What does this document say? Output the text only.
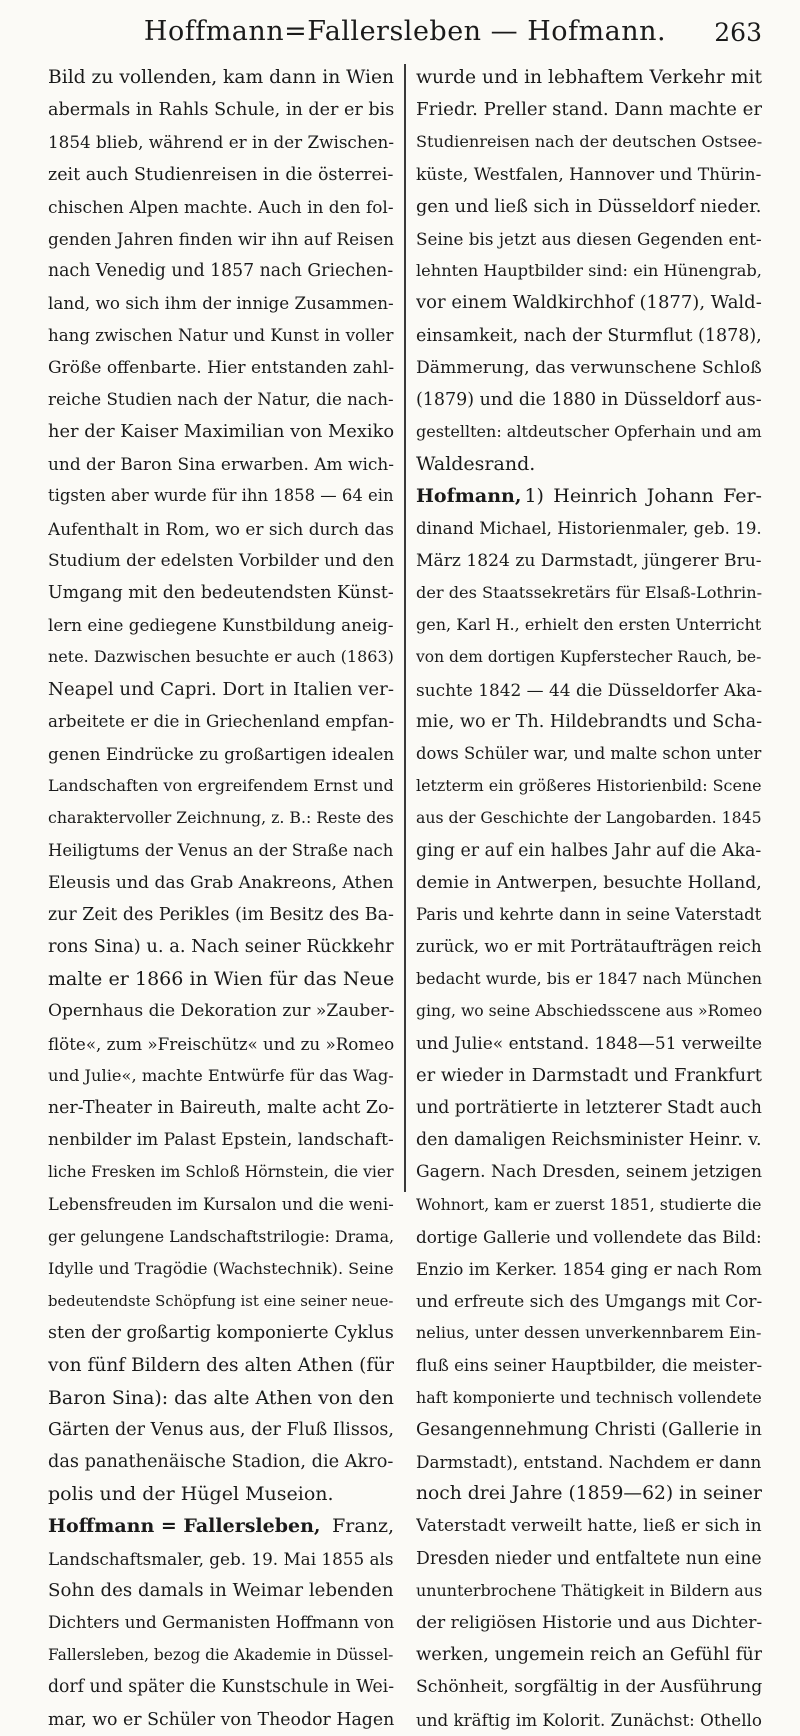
Hoffmann=Fallersleben — Hofmann.	263
Bild zu vollenden, kam dann in Wien
abermals in Rahls Schule, in der er bis
1854 blieb, während er in der Zwischen-
zeit auch Studienreisen in die österrei-
chischen Alpen machte. Auch in den fol-
genden Jahren finden wir ihn auf Reisen
nach Venedig und 1857 nach Griechen-
land, wo sich ihm der innige Zusammen-
hang zwischen Natur und Kunst in voller
Größe offenbarte. Hier entstanden zahl-
reiche Studien nach der Natur, die nach-
her der Kaiser Maximilian von Mexiko
und der Baron Sina erwarben. Am wich-
tigsten aber wurde für ihn 1858 — 64 ein
Aufenthalt in Rom, wo er sich durch das
Studium der edelsten Vorbilder und den
Umgang mit den bedeutendsten Künst-
lern eine gediegene Kunstbildung aneig-
nete. Dazwischen besuchte er auch (1863)
Neapel und Capri. Dort in Italien ver-
arbeitete er die in Griechenland empfan-
genen Eindrücke zu großartigen idealen
Landschaften von ergreifendem Ernst und
charaktervoller Zeichnung, z. B.: Reste des
Heiligtums der Venus an der Straße nach
Eleusis und das Grab Anakreons, Athen
zur Zeit des Perikles (im Besitz des Ba-
rons Sina) u. a. Nach seiner Rückkehr
malte er 1866 in Wien für das Neue
Opernhaus die Dekoration zur »Zauber-
flöte«, zum »Freischütz« und zu »Romeo
und Julie«, machte Entwürfe für das Wag-
ner-Theater in Baireuth, malte acht Zo-
nenbilder im Palast Epstein, landschaft-
liche Fresken im Schloß Hörnstein, die vier
Lebensfreuden im Kursalon und die weni-
ger gelungene Landschaftstrilogie: Drama,
Idylle und Tragödie (Wachstechnik). Seine
bedeutendste Schöpfung ist eine seiner neue-
sten der großartig komponierte Cyklus
von fünf Bildern des alten Athen (für
Baron Sina): das alte Athen von den
Gärten der Venus aus, der Fluß Ilissos,
das panathenäische Stadion, die Akro-
polis und der Hügel Museion.
Hoffmann = Fallersleben, Franz,
Landschaftsmaler, geb. 19. Mai 1855 als
Sohn des damals in Weimar lebenden
Dichters und Germanisten Hoffmann von
Fallersleben, bezog die Akademie in Düssel-
dorf und später die Kunstschule in Wei-
mar, wo er Schüler von Theodor Hagen
wurde und in lebhaftem Verkehr mit
Friedr. Preller stand. Dann machte er
Studienreisen nach der deutschen Ostsee-
küste, Westfalen, Hannover und Thürin-
gen und ließ sich in Düsseldorf nieder.
Seine bis jetzt aus diesen Gegenden ent-
lehnten Hauptbilder sind: ein Hünengrab,
vor einem Waldkirchhof (1877), Wald-
einsamkeit, nach der Sturmflut (1878),
Dämmerung, das verwunschene Schloß
(1879) und die 1880 in Düsseldorf aus-
gestellten: altdeutscher Opferhain und am
Waldesrand.
Hofmann, 1) Heinrich Johann Fer-
dinand Michael, Historienmaler, geb. 19.
März 1824 zu Darmstadt, jüngerer Bru-
der des Staatssekretärs für Elsaß-Lothrin-
gen, Karl H., erhielt den ersten Unterricht
von dem dortigen Kupferstecher Rauch, be-
suchte 1842 — 44 die Düsseldorfer Aka-
mie, wo er Th. Hildebrandts und Scha-
dows Schüler war, und malte schon unter
letzterm ein größeres Historienbild: Scene
aus der Geschichte der Langobarden. 1845
ging er auf ein halbes Jahr auf die Aka-
demie in Antwerpen, besuchte Holland,
Paris und kehrte dann in seine Vaterstadt
zurück, wo er mit Porträtaufträgen reich
bedacht wurde, bis er 1847 nach München
ging, wo seine Abschiedsscene aus »Romeo
und Julie« entstand. 1848—51 verweilte
er wieder in Darmstadt und Frankfurt
und porträtierte in letzterer Stadt auch
den damaligen Reichsminister Heinr. v.
Gagern. Nach Dresden, seinem jetzigen
Wohnort, kam er zuerst 1851, studierte die
dortige Gallerie und vollendete das Bild:
Enzio im Kerker. 1854 ging er nach Rom
und erfreute sich des Umgangs mit Cor-
nelius, unter dessen unverkennbarem Ein-
fluß eins seiner Hauptbilder, die meister-
haft komponierte und technisch vollendete
Gesangennehmung Christi (Gallerie in
Darmstadt), entstand. Nachdem er dann
noch drei Jahre (1859—62) in seiner
Vaterstadt verweilt hatte, ließ er sich in
Dresden nieder und entfaltete nun eine
ununterbrochene Thätigkeit in Bildern aus
der religiösen Historie und aus Dichter-
werken, ungemein reich an Gefühl für
Schönheit, sorgfältig in der Ausführung
und kräftig im Kolorit. Zunächst: Othello
